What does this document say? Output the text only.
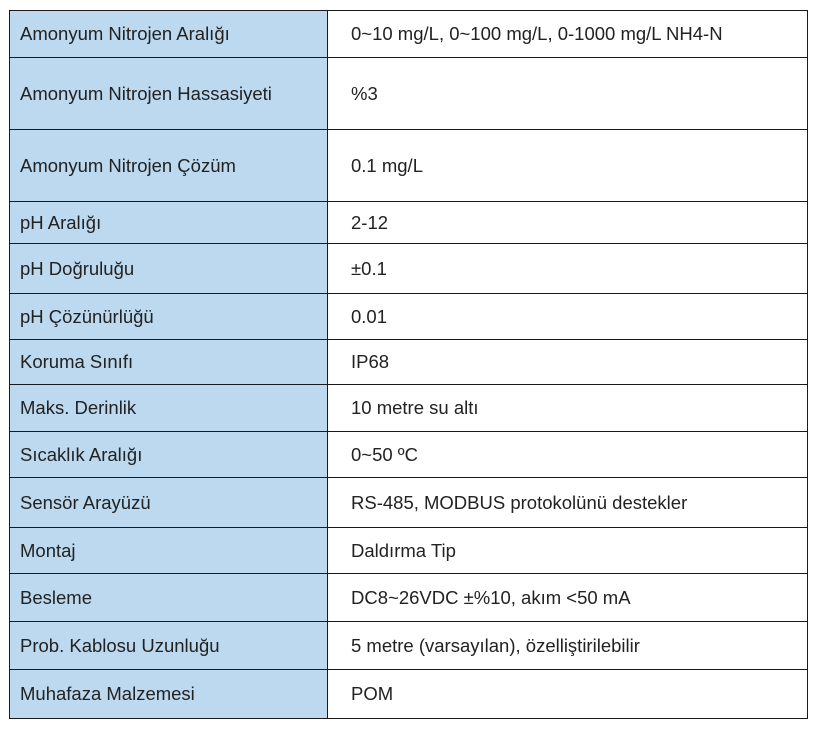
Amonyum Nitrojen Aralığı	0~10 mg/L, 0~100 mg/L, 0-1000 mg/L NH4-N
Amonyum Nitrojen Hassasiyeti	%3
Amonyum Nitrojen Çözüm	0.1 mg/L
pH Aralığı	2-12
pH Doğruluğu	±0.1
pH Çözünürlüğü	0.01
Koruma Sınıfı	IP68
Maks. Derinlik	10 metre su altı
Sıcaklık Aralığı	0~50 ºC
Sensör Arayüzü	RS-485, MODBUS protokolünü destekler
Montaj	Daldırma Tip
Besleme	DC8~26VDC ±%10, akım <50 mA
Prob. Kablosu Uzunluğu	5 metre (varsayılan), özelliştirilebilir
Muhafaza Malzemesi	POM
